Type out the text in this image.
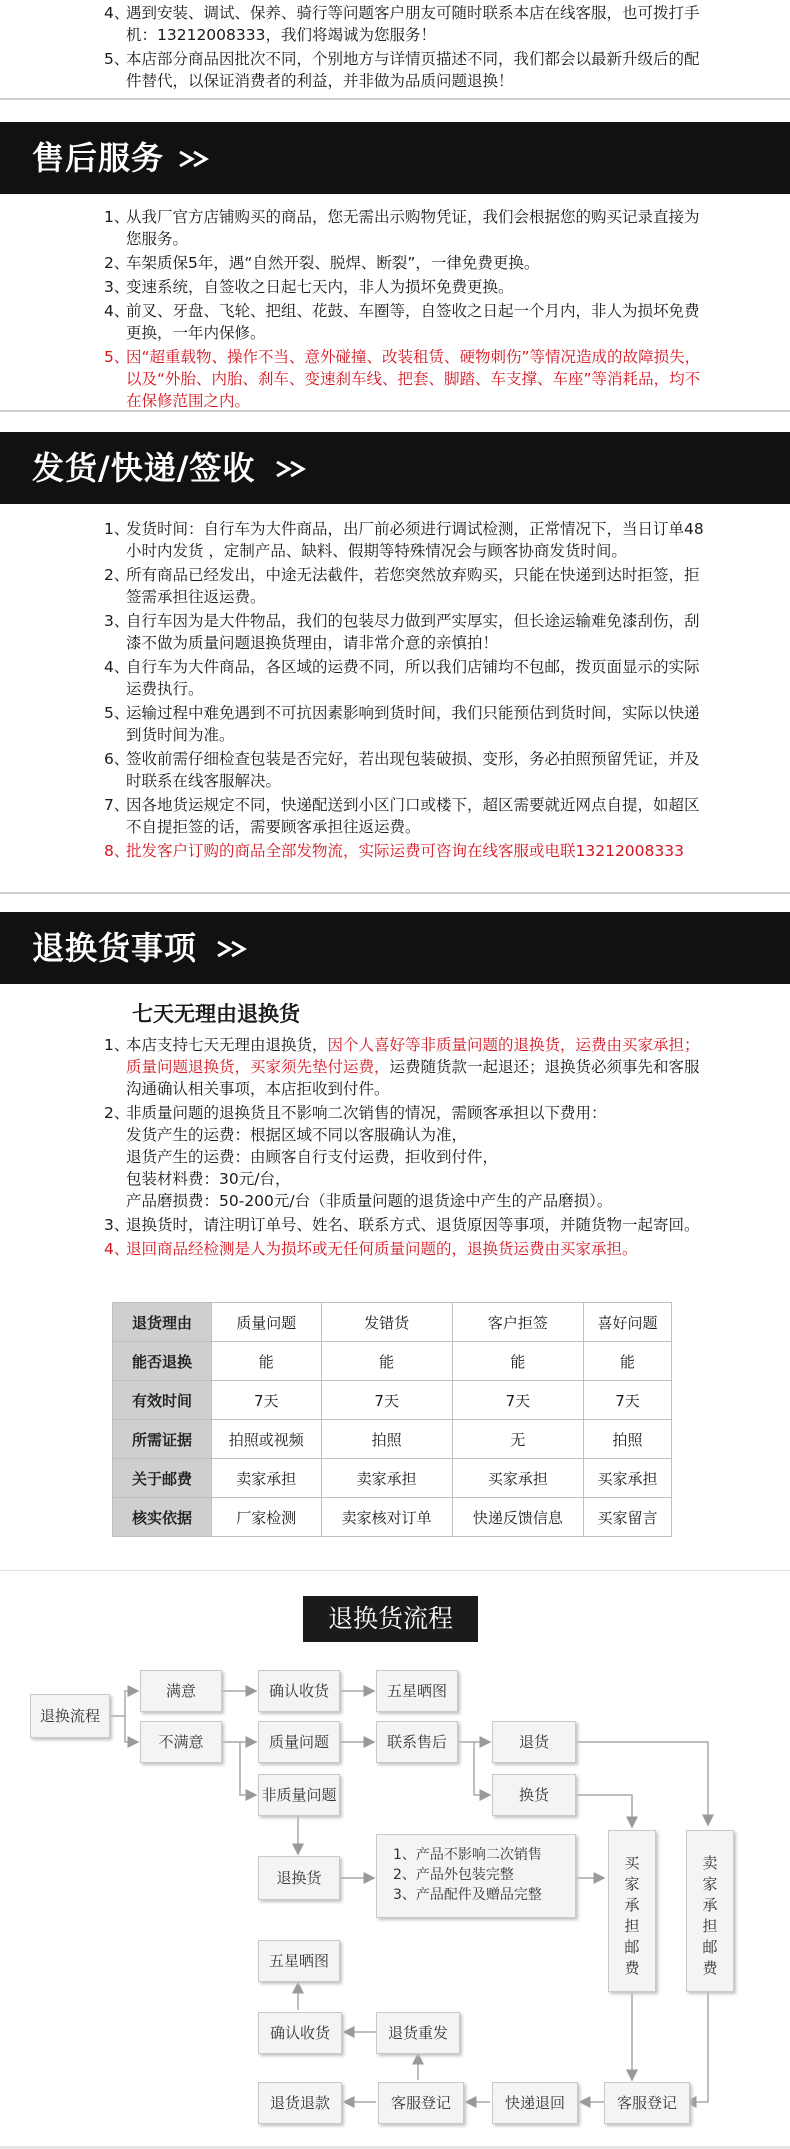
4、
遇到安装、调试、保养、骑行等问题客户朋友可随时联系本店在线客服，也可拨打手机：13212008333，我们将竭诚为您服务！
5、
本店部分商品因批次不同，个别地方与详情页描述不同，我们都会以最新升级后的配件替代，以保证消费者的利益，并非做为品质问题退换！
售后服务
1、
从我厂官方店铺购买的商品，您无需出示购物凭证，我们会根据您的购买记录直接为您服务。
2、
车架质保5年，遇“自然开裂、脱焊、断裂”，一律免费更换。
3、
变速系统，自签收之日起七天内，非人为损坏免费更换。
4、
前叉、牙盘、飞轮、把组、花鼓、车圈等，自签收之日起一个月内，非人为损坏免费更换，一年内保修。
5、
因“超重载物、操作不当、意外碰撞、改装租赁、硬物刺伤”等情况造成的故障损失，以及“外胎、内胎、刹车、变速刹车线、把套、脚踏、车支撑、车座”等消耗品，均不在保修范围之内。
发货/快递/签收
1、
发货时间：自行车为大件商品，出厂前必须进行调试检测，正常情况下，当日订单48小时内发货 ，定制产品、缺料、假期等特殊情况会与顾客协商发货时间。
2、
所有商品已经发出，中途无法截件，若您突然放弃购买，只能在快递到达时拒签，拒签需承担往返运费。
3、
自行车因为是大件物品，我们的包装尽力做到严实厚实，但长途运输难免漆刮伤，刮漆不做为质量问题退换货理由，请非常介意的亲慎拍！
4、
自行车为大件商品，各区域的运费不同，所以我们店铺均不包邮，拨页面显示的实际运费执行。
5、
运输过程中难免遇到不可抗因素影响到货时间，我们只能预估到货时间，实际以快递到货时间为准。
6、
签收前需仔细检查包装是否完好，若出现包装破损、变形，务必拍照预留凭证，并及时联系在线客服解决。
7、
因各地货运规定不同，快递配送到小区门口或楼下，超区需要就近网点自提，如超区不自提拒签的话，需要顾客承担往返运费。
8、
批发客户订购的商品全部发物流，实际运费可咨询在线客服或电联13212008333
退换货事项
七天无理由退换货
1、
本店支持七天无理由退换货，因个人喜好等非质量问题的退换货，运费由买家承担；质量问题退换货，买家须先垫付运费，运费随货款一起退还；退换货必须事先和客服沟通确认相关事项，本店拒收到付件。
2、
非质量问题的退换货且不影响二次销售的情况，需顾客承担以下费用：
发货产生的运费：根据区域不同以客服确认为准，
退货产生的运费：由顾客自行支付运费，拒收到付件，
包装材料费：30元/台，
产品磨损费：50-200元/台（非质量问题的退货途中产生的产品磨损）。
3、
退换货时，请注明订单号、姓名、联系方式、退货原因等事项，并随货物一起寄回。
4、
退回商品经检测是人为损坏或无任何质量问题的，退换货运费由买家承担。
退货理由	质量问题	发错货	客户拒签	喜好问题
能否退换	能	能	能	能
有效时间	7天	7天	7天	7天
所需证据	拍照或视频	拍照	无	拍照
关于邮费	卖家承担	卖家承担	买家承担	买家承担
核实依据	厂家检测	卖家核对订单	快递反馈信息	买家留言
退换货流程
退换流程
满意
不满意
确认收货	五星晒图
质量问题	联系售后	退货
换货
非质量问题
退换货
1、产品不影响二次销售
2、产品外包装完整
3、产品配件及赠品完整
买家承担邮费
卖家承担邮费
五星晒图
确认收货	退货重发
退货退款	客服登记	快递退回	客服登记
